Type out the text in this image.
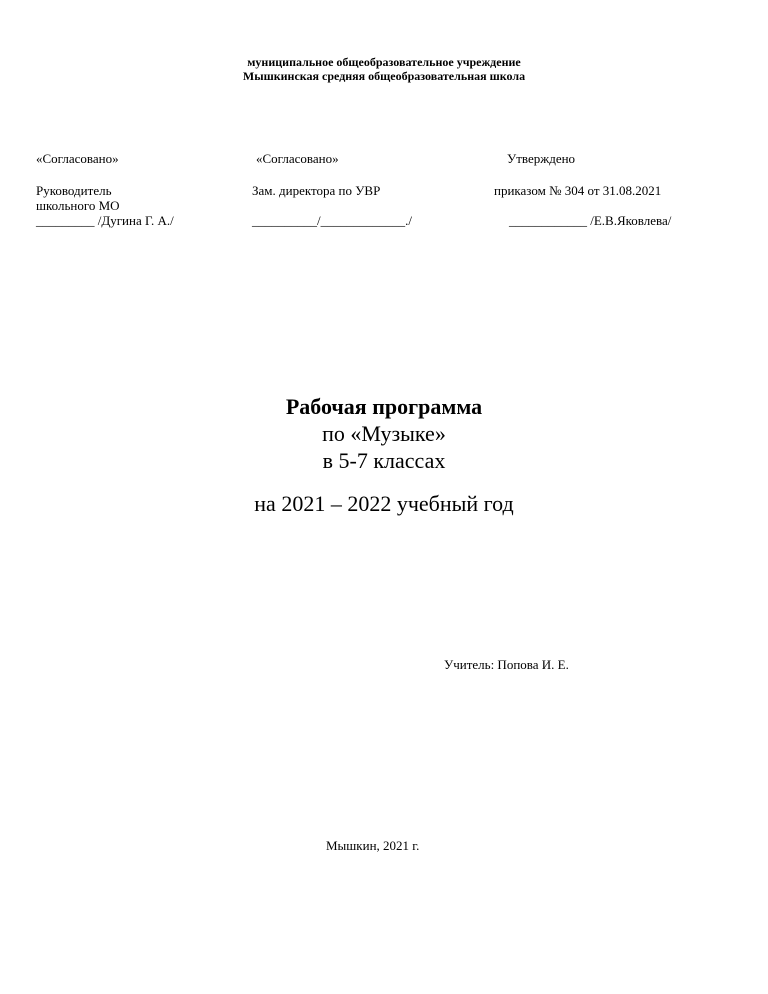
муниципальное общеобразовательное учреждение
Мышкинская средняя общеобразовательная школа
«Согласовано»
Руководитель
школьного МО
_________ /Дугина Г. А./
«Согласовано»
Зам. директора по УВР
__________/_____________./
Утверждено
приказом № 304 от 31.08.2021
____________ /Е.В.Яковлева/
Рабочая программа
по «Музыке»
в 5-7 классах
на 2021 – 2022 учебный год
Учитель: Попова И. Е.
Мышкин, 2021 г.
